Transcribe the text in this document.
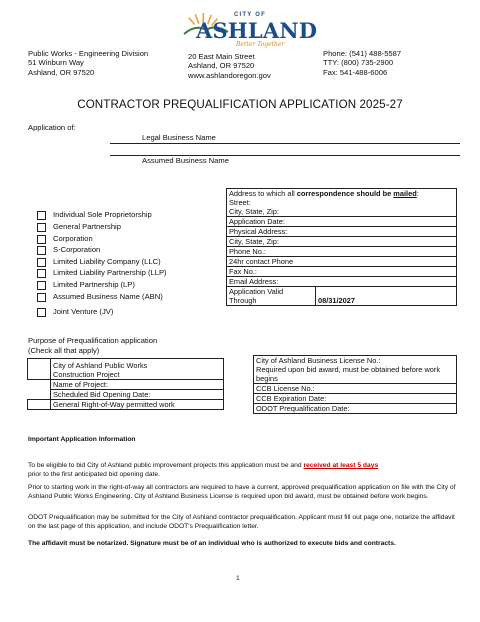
CITY OF
ASHLAND
Better Together
Public Works - Engineering Division
51 Winburn Way
Ashland, OR 97520
20 East Main Street
Ashland, OR 97520
www.ashlandoregon.gov
Phone: (541) 488-5587
TTY: (800) 735-2900
Fax: 541-488-6006
CONTRACTOR PREQUALIFICATION APPLICATION 2025-27
Application of:
Legal Business Name
Assumed Business Name
Individual Sole Proprietorship
General Partnership
Corporation
S-Corporation
Limited Liability Company (LLC)
Limited Liability Partnership (LLP)
Limited Partnership (LP)
Assumed Business Name (ABN)
Joint Venture (JV)
Address to which all correspondence should be mailed:
Street:
City, State, Zip:
Application Date:
Physical Address:
City, State, Zip:
Phone No.:
24hr contact Phone
Fax No.:
Email Address:
Application Valid
Through	08/31/2027
Purpose of Prequalification application
(Check all that apply)
	City of Ashland Public Works
Construction Project
	Name of Project:
	Scheduled Bid Opening Date:
	General Right-of-Way permitted work
City of Ashland Business License No.:
Required upon bid award, must be obtained before work
begins
CCB License No.:
CCB Expiration Date:
ODOT Prequalification Date:
Important Application Information
To be eligible to bid City of Ashland public improvement projects this application must be and received at least 5 days
prior to the first anticipated bid opening date.
Prior to starting work in the right-of-way all contractors are required to have a current, approved prequalification application on file with the City of Ashland Public Works Engineering. City of Ashland Business License is required upon bid award, must be obtained before work begins.
ODOT Prequalification may be submitted for the City of Ashland contractor prequalification. Applicant must fill out page one, notarize the affidavit on the last page of this application, and include ODOT's Prequalification letter.
The affidavit must be notarized. Signature must be of an individual who is authorized to execute bids and contracts.
1
